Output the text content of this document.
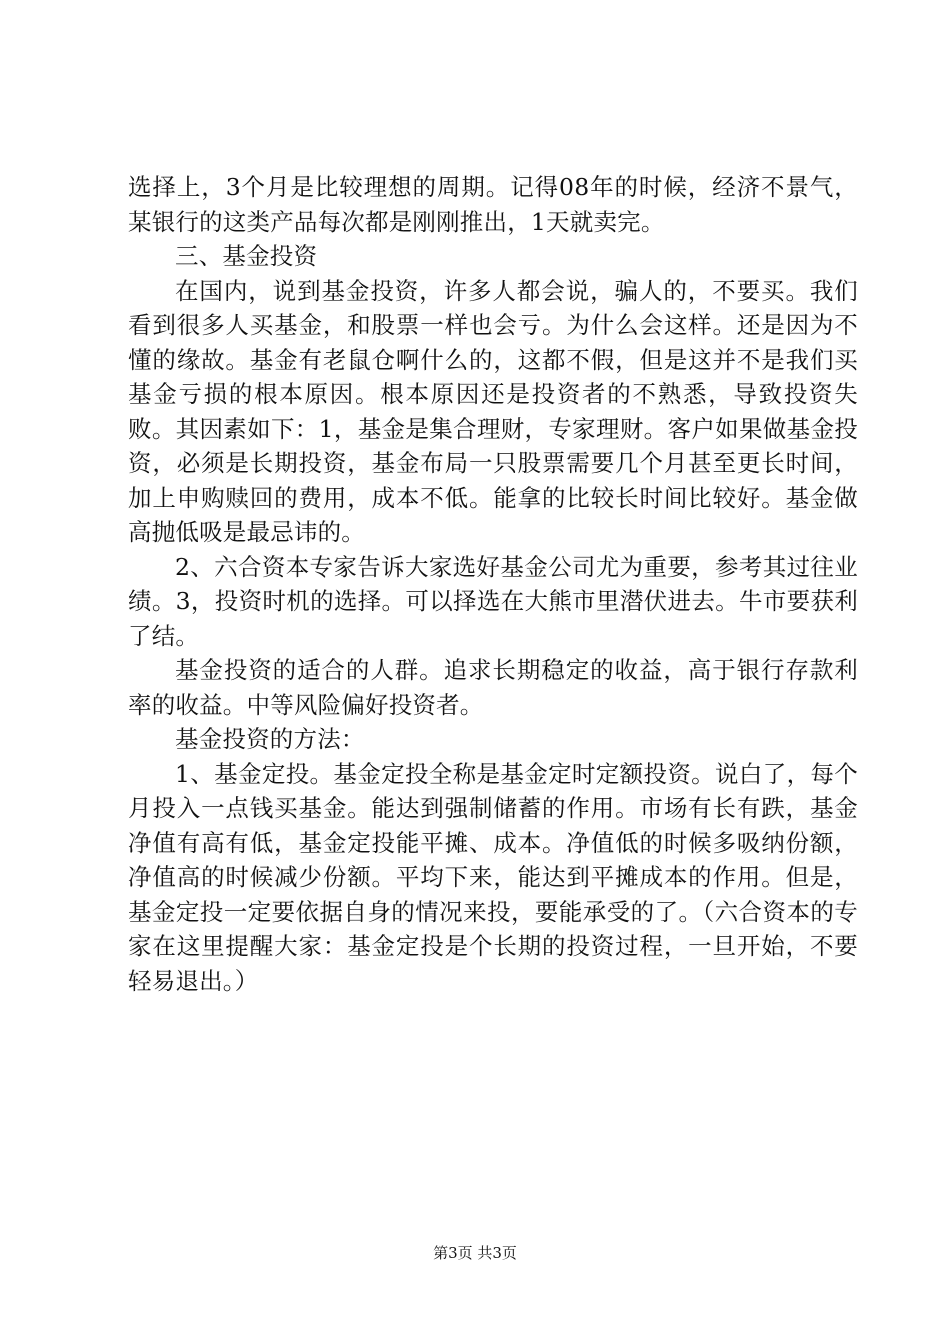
选择上，3个月是比较理想的周期。记得08年的时候，经济不景气，某银行的这类产品每次都是刚刚推出，1天就卖完。

三、基金投资

在国内，说到基金投资，许多人都会说，骗人的，不要买。我们看到很多人买基金，和股票一样也会亏。为什么会这样。还是因为不懂的缘故。基金有老鼠仓啊什么的，这都不假，但是这并不是我们买基金亏损的根本原因。根本原因还是投资者的不熟悉，导致投资失败。其因素如下：1，基金是集合理财，专家理财。客户如果做基金投资，必须是长期投资，基金布局一只股票需要几个月甚至更长时间，加上申购赎回的费用，成本不低。能拿的比较长时间比较好。基金做高抛低吸是最忌讳的。

2、六合资本专家告诉大家选好基金公司尤为重要，参考其过往业绩。3，投资时机的选择。可以择选在大熊市里潜伏进去。牛市要获利了结。

基金投资的适合的人群。追求长期稳定的收益，高于银行存款利率的收益。中等风险偏好投资者。

基金投资的方法：

1、基金定投。基金定投全称是基金定时定额投资。说白了，每个月投入一点钱买基金。能达到强制储蓄的作用。市场有长有跌，基金净值有高有低，基金定投能平摊、成本。净值低的时候多吸纳份额，净值高的时候减少份额。平均下来，能达到平摊成本的作用。但是，基金定投一定要依据自身的情况来投，要能承受的了。（六合资本的专家在这里提醒大家：基金定投是个长期的投资过程，一旦开始，不要轻易退出。）

第3页 共3页
